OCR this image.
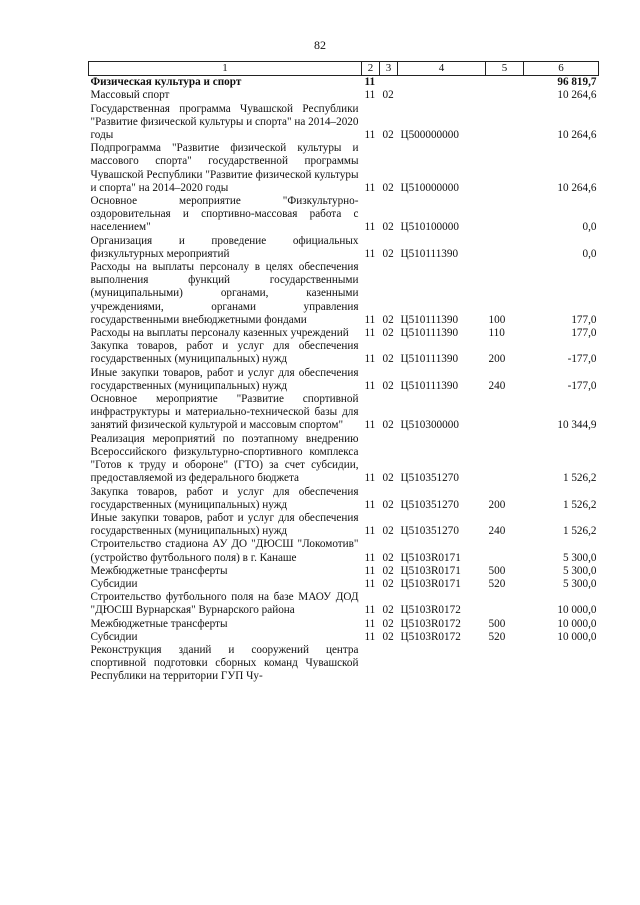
82
1	2	3	4	5	6
Физическая культура и спорт	11				96 819,7
Массовый спорт	11	02			10 264,6
Государственная программа Чувашской Республики "Развитие физической культуры и спорта" на 2014–2020 годы	11	02	Ц500000000		10 264,6
Подпрограмма "Развитие физической культуры и массового спорта" государственной программы Чувашской Республики "Развитие физической культуры и спорта" на 2014–2020 годы	11	02	Ц510000000		10 264,6
Основное мероприятие "Физкультурно-оздоровительная и спортивно-массовая работа с населением"	11	02	Ц510100000		0,0
Организация и проведение официальных физкультурных мероприятий	11	02	Ц510111390		0,0
Расходы на выплаты персоналу в целях обеспечения выполнения функций государственными (муниципальными) органами, казенными учреждениями, органами управления государственными внебюджетными фондами	11	02	Ц510111390	100	177,0
Расходы на выплаты персоналу казенных учреждений	11	02	Ц510111390	110	177,0
Закупка товаров, работ и услуг для обеспечения государственных (муниципальных) нужд	11	02	Ц510111390	200	-177,0
Иные закупки товаров, работ и услуг для обеспечения государственных (муниципальных) нужд	11	02	Ц510111390	240	-177,0
Основное мероприятие "Развитие спортивной инфраструктуры и материально-технической базы для занятий физической культурой и массовым спортом"	11	02	Ц510300000		10 344,9
Реализация мероприятий по поэтапному внедрению Всероссийского физкультурно-спортивного комплекса "Готов к труду и обороне" (ГТО) за счет субсидии, предоставляемой из федерального бюджета	11	02	Ц510351270		1 526,2
Закупка товаров, работ и услуг для обеспечения государственных (муниципальных) нужд	11	02	Ц510351270	200	1 526,2
Иные закупки товаров, работ и услуг для обеспечения государственных (муниципальных) нужд	11	02	Ц510351270	240	1 526,2
Строительство стадиона АУ ДО "ДЮСШ "Локомотив" (устройство футбольного поля) в г. Канаше	11	02	Ц5103R0171		5 300,0
Межбюджетные трансферты	11	02	Ц5103R0171	500	5 300,0
Субсидии	11	02	Ц5103R0171	520	5 300,0
Строительство футбольного поля на базе МАОУ ДОД "ДЮСШ Вурнарская" Вурнарского района	11	02	Ц5103R0172		10 000,0
Межбюджетные трансферты	11	02	Ц5103R0172	500	10 000,0
Субсидии	11	02	Ц5103R0172	520	10 000,0
Реконструкция зданий и сооружений центра спортивной подготовки сборных команд Чувашской Республики на территории ГУП Чу-					
